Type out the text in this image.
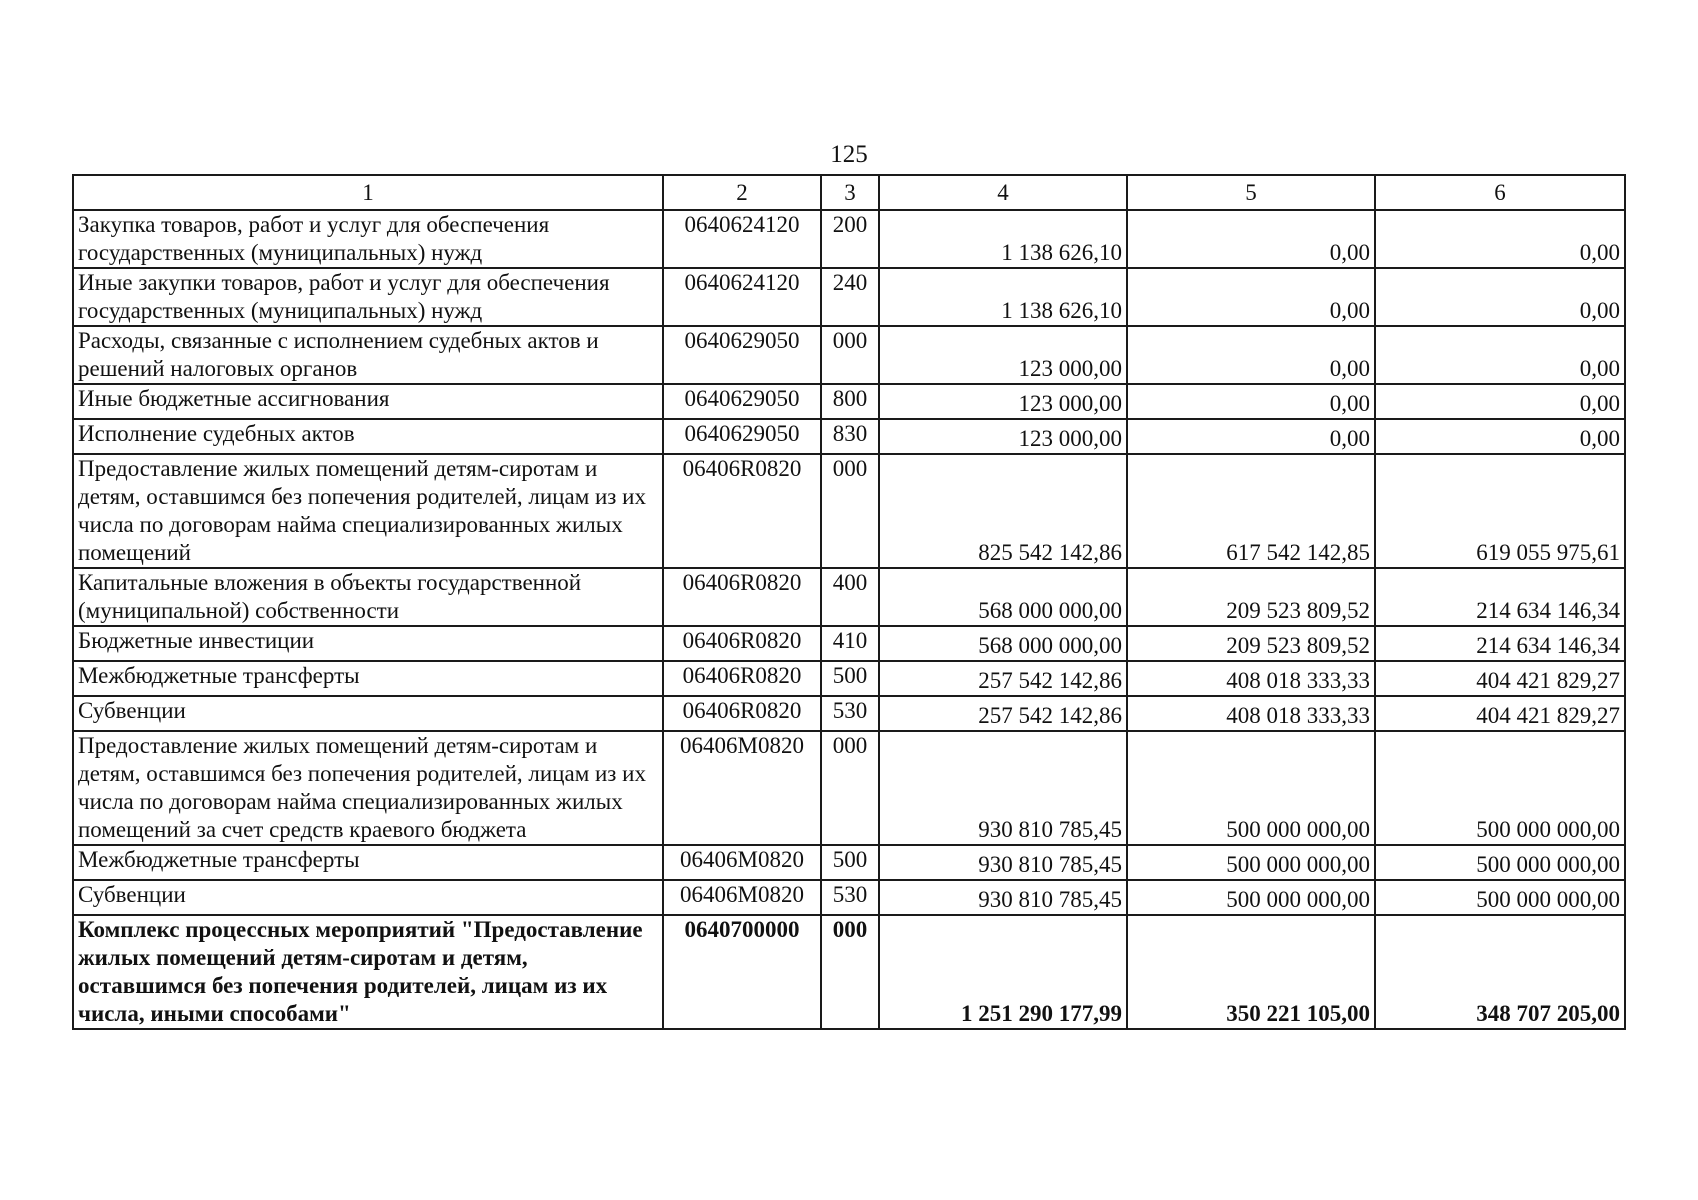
125
1	2	3	4	5	6
Закупка товаров, работ и услуг для обеспечения государственных (муниципальных) нужд	0640624120	200	1 138 626,10	0,00	0,00
Иные закупки товаров, работ и услуг для обеспечения государственных (муниципальных) нужд	0640624120	240	1 138 626,10	0,00	0,00
Расходы, связанные с исполнением судебных актов и решений налоговых органов	0640629050	000	123 000,00	0,00	0,00
Иные бюджетные ассигнования	0640629050	800	123 000,00	0,00	0,00
Исполнение судебных актов	0640629050	830	123 000,00	0,00	0,00
Предоставление жилых помещений детям-сиротам и детям, оставшимся без попечения родителей, лицам из их числа по договорам найма специализированных жилых помещений	06406R0820	000	825 542 142,86	617 542 142,85	619 055 975,61
Капитальные вложения в объекты государственной (муниципальной) собственности	06406R0820	400	568 000 000,00	209 523 809,52	214 634 146,34
Бюджетные инвестиции	06406R0820	410	568 000 000,00	209 523 809,52	214 634 146,34
Межбюджетные трансферты	06406R0820	500	257 542 142,86	408 018 333,33	404 421 829,27
Субвенции	06406R0820	530	257 542 142,86	408 018 333,33	404 421 829,27
Предоставление жилых помещений детям-сиротам и детям, оставшимся без попечения родителей, лицам из их числа по договорам найма специализированных жилых помещений за счет средств краевого бюджета	06406M0820	000	930 810 785,45	500 000 000,00	500 000 000,00
Межбюджетные трансферты	06406M0820	500	930 810 785,45	500 000 000,00	500 000 000,00
Субвенции	06406M0820	530	930 810 785,45	500 000 000,00	500 000 000,00
Комплекс процессных мероприятий "Предоставление жилых помещений детям-сиротам и детям, оставшимся без попечения родителей, лицам из их числа, иными способами"	0640700000	000	1 251 290 177,99	350 221 105,00	348 707 205,00
